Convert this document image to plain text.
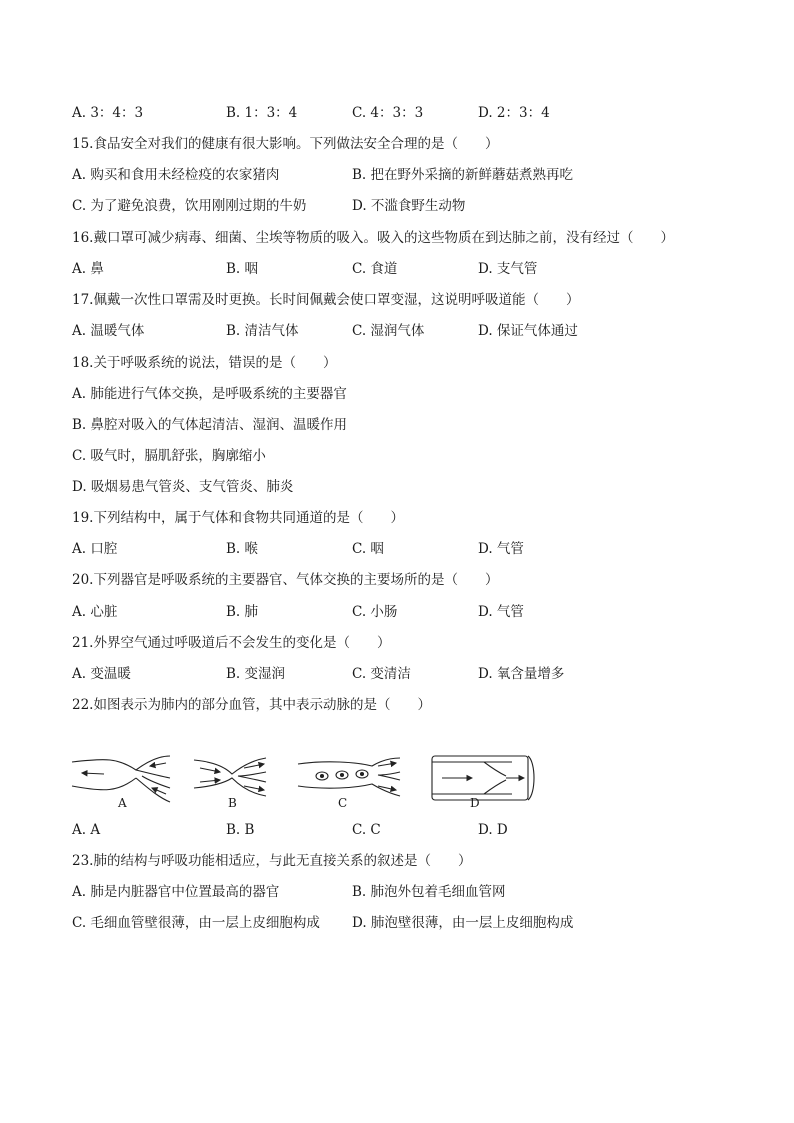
A. 3：4：3	B. 1：3：4	C. 4：3：3	D. 2：3：4
15.食品安全对我们的健康有很大影响。下列做法安全合理的是（　　）
A. 购买和食用未经检疫的农家猪肉	B. 把在野外采摘的新鲜蘑菇煮熟再吃
C. 为了避免浪费，饮用刚刚过期的牛奶	D. 不滥食野生动物
16.戴口罩可减少病毒、细菌、尘埃等物质的吸入。吸入的这些物质在到达肺之前，没有经过（　　）
A. 鼻	B. 咽	C. 食道	D. 支气管
17.佩戴一次性口罩需及时更换。长时间佩戴会使口罩变湿，这说明呼吸道能（　　）
A. 温暖气体	B. 清洁气体	C. 湿润气体	D. 保证气体通过
18.关于呼吸系统的说法，错误的是（　　）
A. 肺能进行气体交换，是呼吸系统的主要器官
B. 鼻腔对吸入的气体起清洁、湿润、温暖作用
C. 吸气时，膈肌舒张，胸廓缩小
D. 吸烟易患气管炎、支气管炎、肺炎
19.下列结构中，属于气体和食物共同通道的是（　　）
A. 口腔	B. 喉	C. 咽	D. 气管
20.下列器官是呼吸系统的主要器官、气体交换的主要场所的是（　　）
A. 心脏	B. 肺	C. 小肠	D. 气管
21.外界空气通过呼吸道后不会发生的变化是（　　）
A. 变温暖	B. 变湿润	C. 变清洁	D. 氧含量增多
22.如图表示为肺内的部分血管，其中表示动脉的是（　　）
A	B	C	D
A. A	B. B	C. C	D. D
23.肺的结构与呼吸功能相适应，与此无直接关系的叙述是（　　）
A. 肺是内脏器官中位置最高的器官	B. 肺泡外包着毛细血管网
C. 毛细血管壁很薄，由一层上皮细胞构成 D. 肺泡壁很薄，由一层上皮细胞构成
